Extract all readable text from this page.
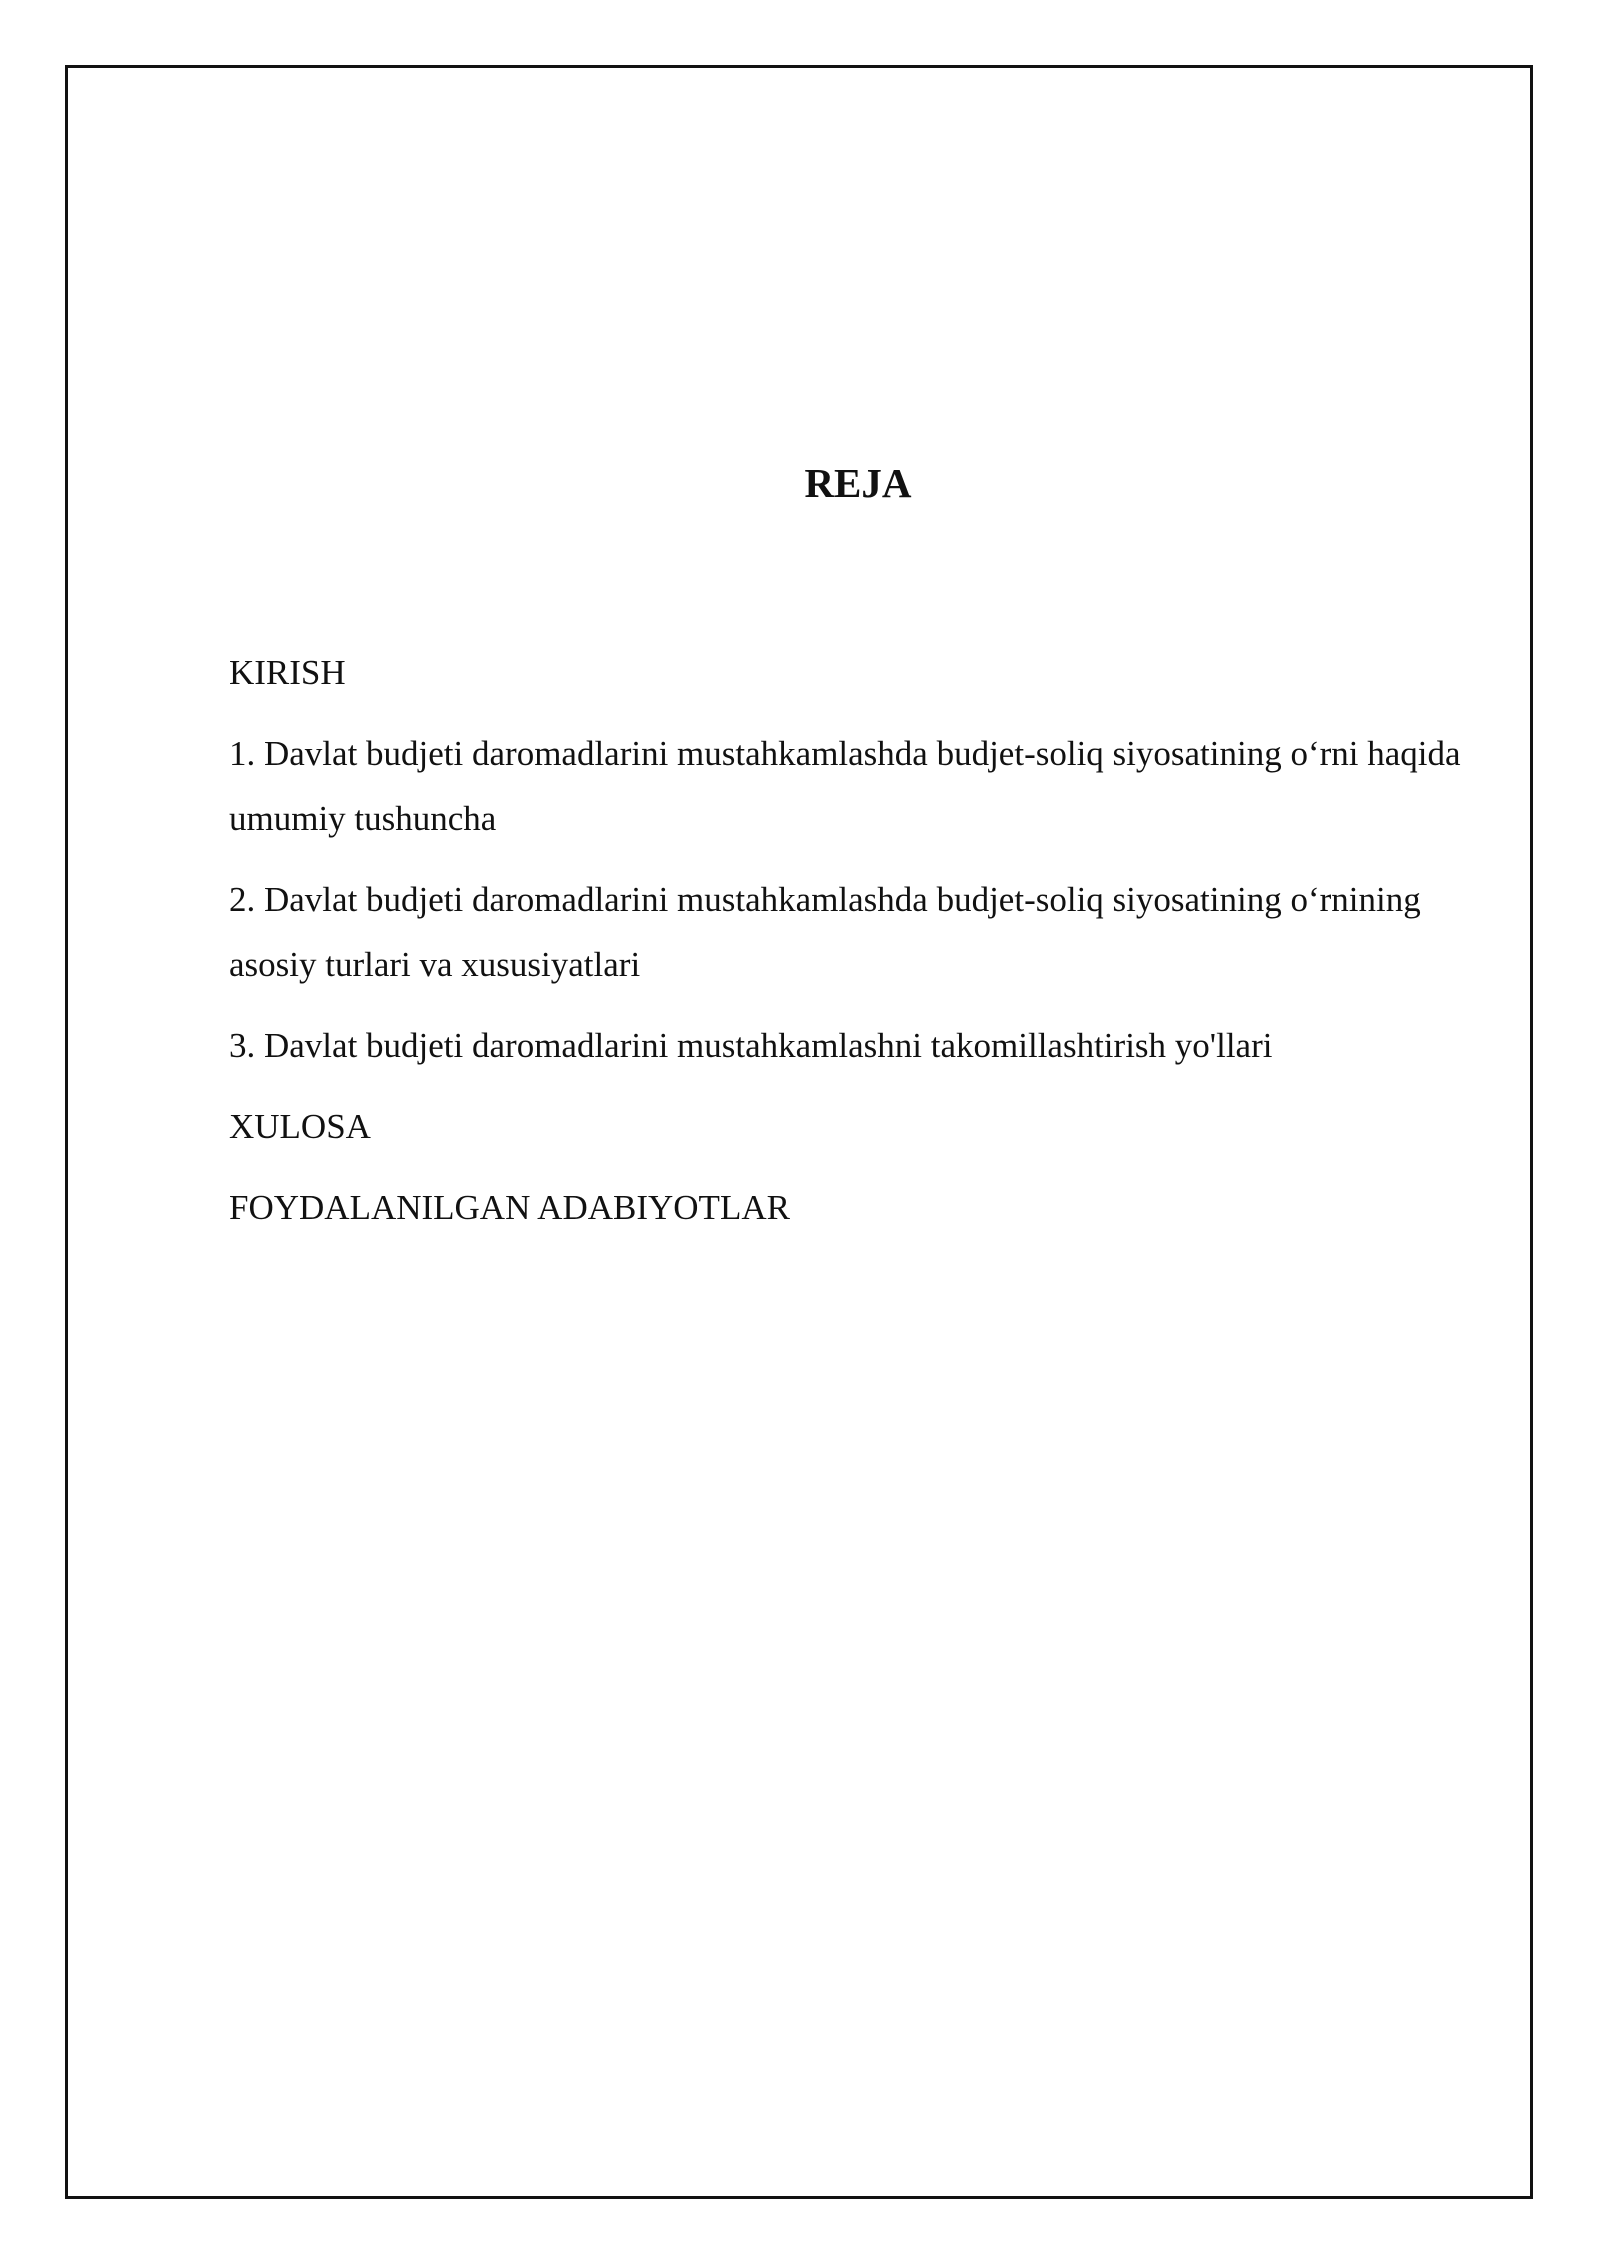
REJA
KIRISH
1. Davlat budjeti daromadlarini mustahkamlashda budjet-soliq siyosatining o‘rni haqida umumiy tushuncha
2. Davlat budjeti daromadlarini mustahkamlashda budjet-soliq siyosatining o‘rnining asosiy turlari va xususiyatlari
3. Davlat budjeti daromadlarini mustahkamlashni takomillashtirish yo'llari
XULOSA
FOYDALANILGAN ADABIYOTLAR
